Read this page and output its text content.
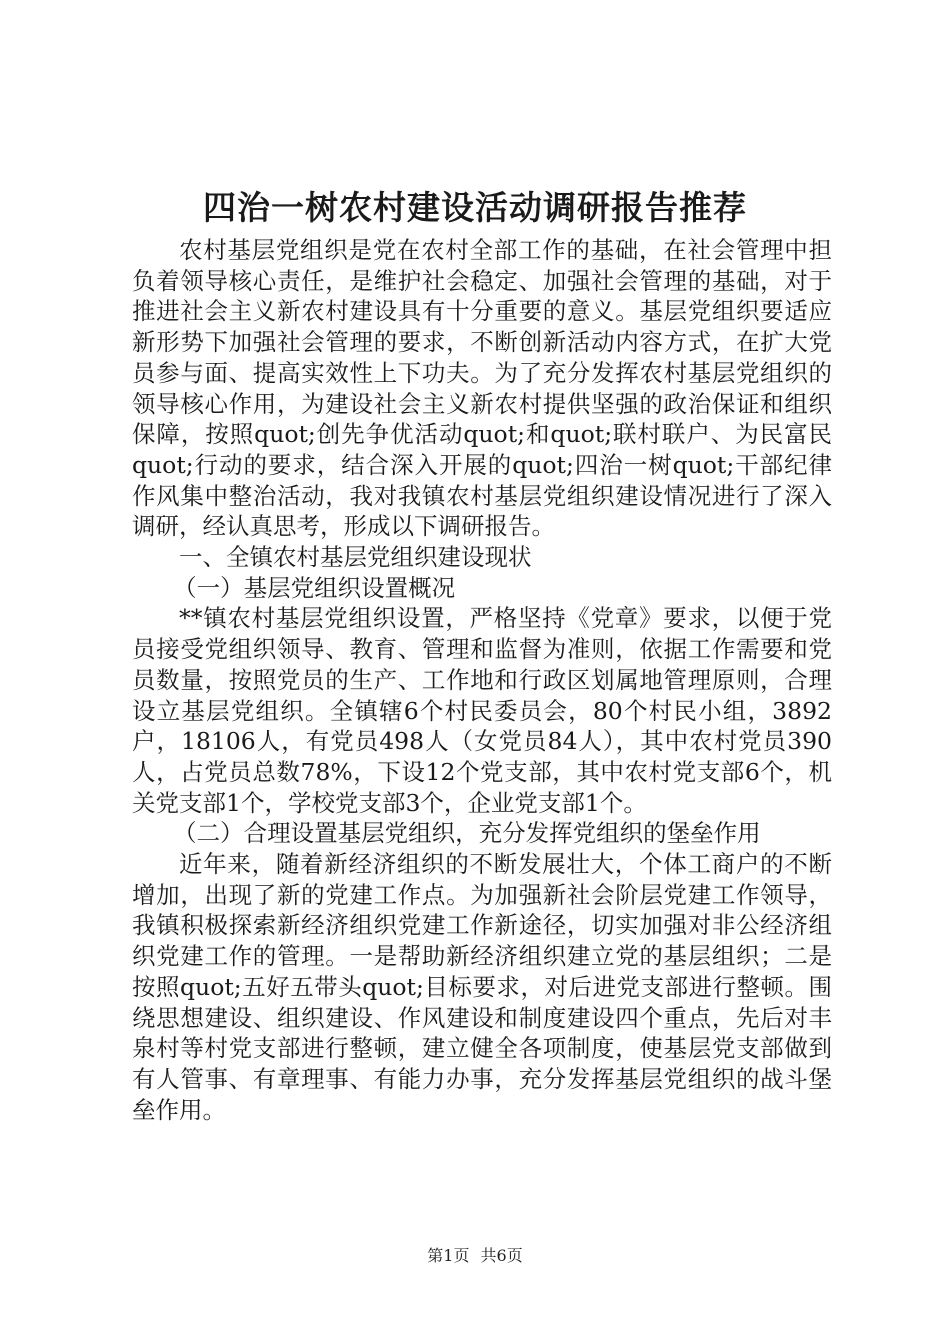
四治一树农村建设活动调研报告推荐

农村基层党组织是党在农村全部工作的基础，在社会管理中担负着领导核心责任，是维护社会稳定、加强社会管理的基础，对于推进社会主义新农村建设具有十分重要的意义。基层党组织要适应新形势下加强社会管理的要求，不断创新活动内容方式，在扩大党员参与面、提高实效性上下功夫。为了充分发挥农村基层党组织的领导核心作用，为建设社会主义新农村提供坚强的政治保证和组织保障，按照quot;创先争优活动quot;和quot;联村联户、为民富民quot;行动的要求，结合深入开展的quot;四治一树quot;干部纪律作风集中整治活动，我对我镇农村基层党组织建设情况进行了深入调研，经认真思考，形成以下调研报告。

一、全镇农村基层党组织建设现状

（一）基层党组织设置概况

**镇农村基层党组织设置，严格坚持《党章》要求，以便于党员接受党组织领导、教育、管理和监督为准则，依据工作需要和党员数量，按照党员的生产、工作地和行政区划属地管理原则，合理设立基层党组织。全镇辖6个村民委员会，80个村民小组，3892户，18106人，有党员498人（女党员84人），其中农村党员390人，占党员总数78%，下设12个党支部，其中农村党支部6个，机关党支部1个，学校党支部3个，企业党支部1个。

（二）合理设置基层党组织，充分发挥党组织的堡垒作用

近年来，随着新经济组织的不断发展壮大，个体工商户的不断增加，出现了新的党建工作点。为加强新社会阶层党建工作领导，我镇积极探索新经济组织党建工作新途径，切实加强对非公经济组织党建工作的管理。一是帮助新经济组织建立党的基层组织；二是按照quot;五好五带头quot;目标要求，对后进党支部进行整顿。围绕思想建设、组织建设、作风建设和制度建设四个重点，先后对丰泉村等村党支部进行整顿，建立健全各项制度，使基层党支部做到有人管事、有章理事、有能力办事，充分发挥基层党组织的战斗堡垒作用。

第1页 共6页
